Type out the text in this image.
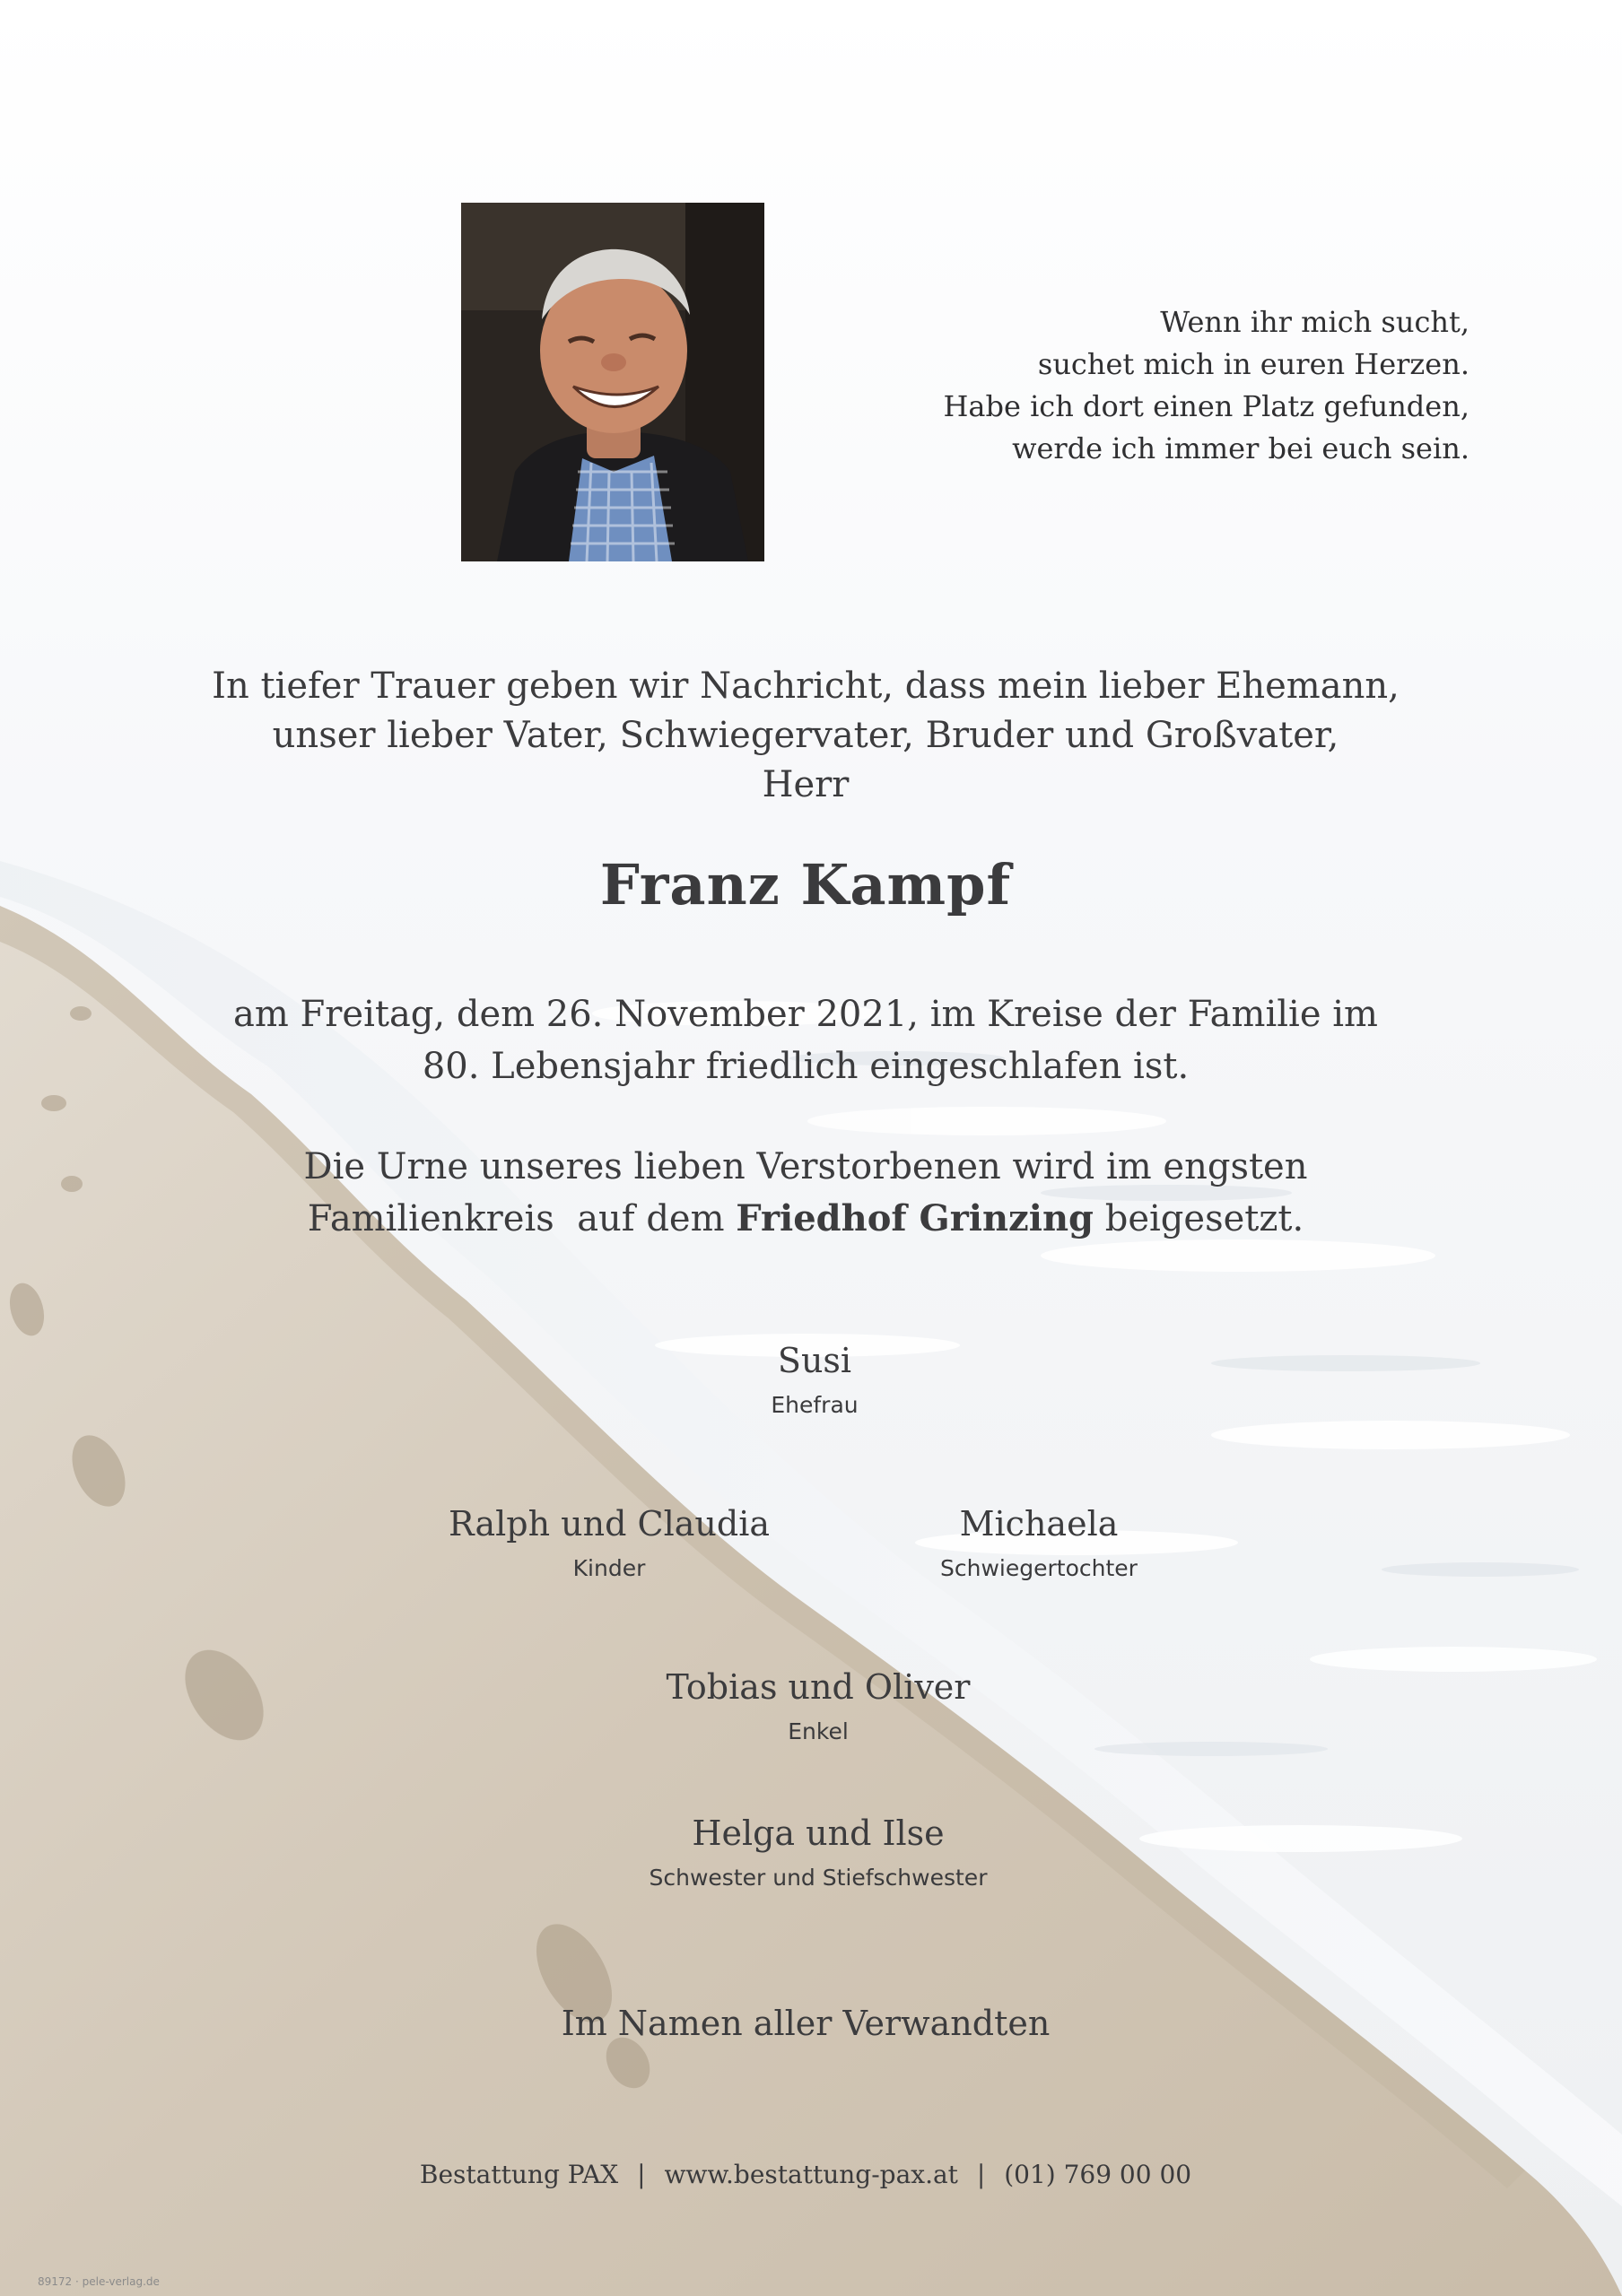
Wenn ihr mich sucht,
suchet mich in euren Herzen.
Habe ich dort einen Platz gefunden,
werde ich immer bei euch sein.
In tiefer Trauer geben wir Nachricht, dass mein lieber Ehemann,
unser lieber Vater, Schwiegervater, Bruder und Großvater,
Herr
Franz Kampf
am Freitag, dem 26. November 2021, im Kreise der Familie im
80. Lebensjahr friedlich eingeschlafen ist.
Die Urne unseres lieben Verstorbenen wird im engsten
Familienkreis  auf dem Friedhof Grinzing beigesetzt.
Susi
Ehefrau
Ralph und Claudia
Kinder
Michaela
Schwiegertochter
Tobias und Oliver
Enkel
Helga und Ilse
Schwester und Stiefschwester
Im Namen aller Verwandten
Bestattung PAX | www.bestattung-pax.at | (01) 769 00 00
89172 · pele-verlag.de
